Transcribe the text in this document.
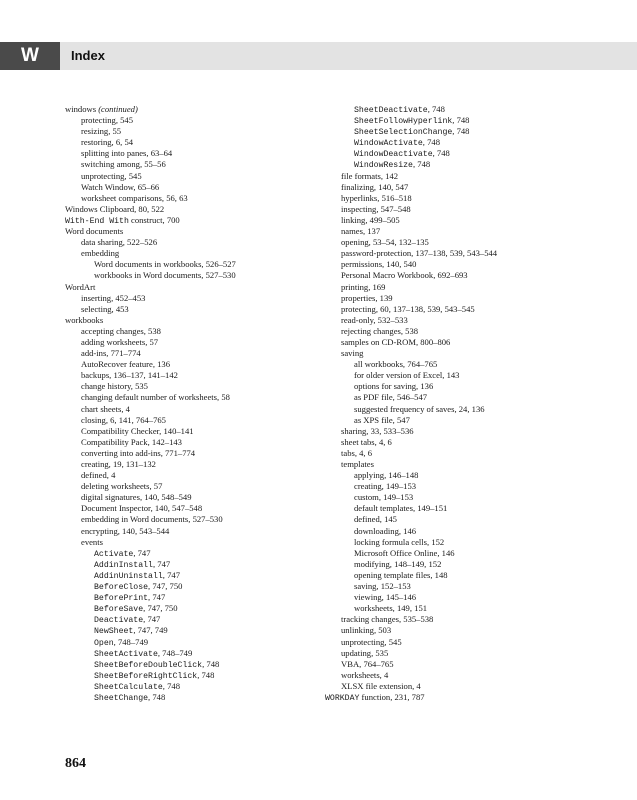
W	Index
windows (continued)
protecting, 545
resizing, 55
restoring, 6, 54
splitting into panes, 63–64
switching among, 55–56
unprotecting, 545
Watch Window, 65–66
worksheet comparisons, 56, 63
Windows Clipboard, 80, 522
With-End With construct, 700
Word documents
data sharing, 522–526
embedding
Word documents in workbooks, 526–527
workbooks in Word documents, 527–530
WordArt
inserting, 452–453
selecting, 453
workbooks
accepting changes, 538
adding worksheets, 57
add-ins, 771–774
AutoRecover feature, 136
backups, 136–137, 141–142
change history, 535
changing default number of worksheets, 58
chart sheets, 4
closing, 6, 141, 764–765
Compatibility Checker, 140–141
Compatibility Pack, 142–143
converting into add-ins, 771–774
creating, 19, 131–132
defined, 4
deleting worksheets, 57
digital signatures, 140, 548–549
Document Inspector, 140, 547–548
embedding in Word documents, 527–530
encrypting, 140, 543–544
events
Activate, 747
AddinInstall, 747
AddinUninstall, 747
BeforeClose, 747, 750
BeforePrint, 747
BeforeSave, 747, 750
Deactivate, 747
NewSheet, 747, 749
Open, 748–749
SheetActivate, 748–749
SheetBeforeDoubleClick, 748
SheetBeforeRightClick, 748
SheetCalculate, 748
SheetChange, 748
SheetDeactivate, 748
SheetFollowHyperlink, 748
SheetSelectionChange, 748
WindowActivate, 748
WindowDeactivate, 748
WindowResize, 748
file formats, 142
finalizing, 140, 547
hyperlinks, 516–518
inspecting, 547–548
linking, 499–505
names, 137
opening, 53–54, 132–135
password-protection, 137–138, 539, 543–544
permissions, 140, 540
Personal Macro Workbook, 692–693
printing, 169
properties, 139
protecting, 60, 137–138, 539, 543–545
read-only, 532–533
rejecting changes, 538
samples on CD-ROM, 800–806
saving
all workbooks, 764–765
for older version of Excel, 143
options for saving, 136
as PDF file, 546–547
suggested frequency of saves, 24, 136
as XPS file, 547
sharing, 33, 533–536
sheet tabs, 4, 6
tabs, 4, 6
templates
applying, 146–148
creating, 149–153
custom, 149–153
default templates, 149–151
defined, 145
downloading, 146
locking formula cells, 152
Microsoft Office Online, 146
modifying, 148–149, 152
opening template files, 148
saving, 152–153
viewing, 145–146
worksheets, 149, 151
tracking changes, 535–538
unlinking, 503
unprotecting, 545
updating, 535
VBA, 764–765
worksheets, 4
XLSX file extension, 4
WORKDAY function, 231, 787
864
